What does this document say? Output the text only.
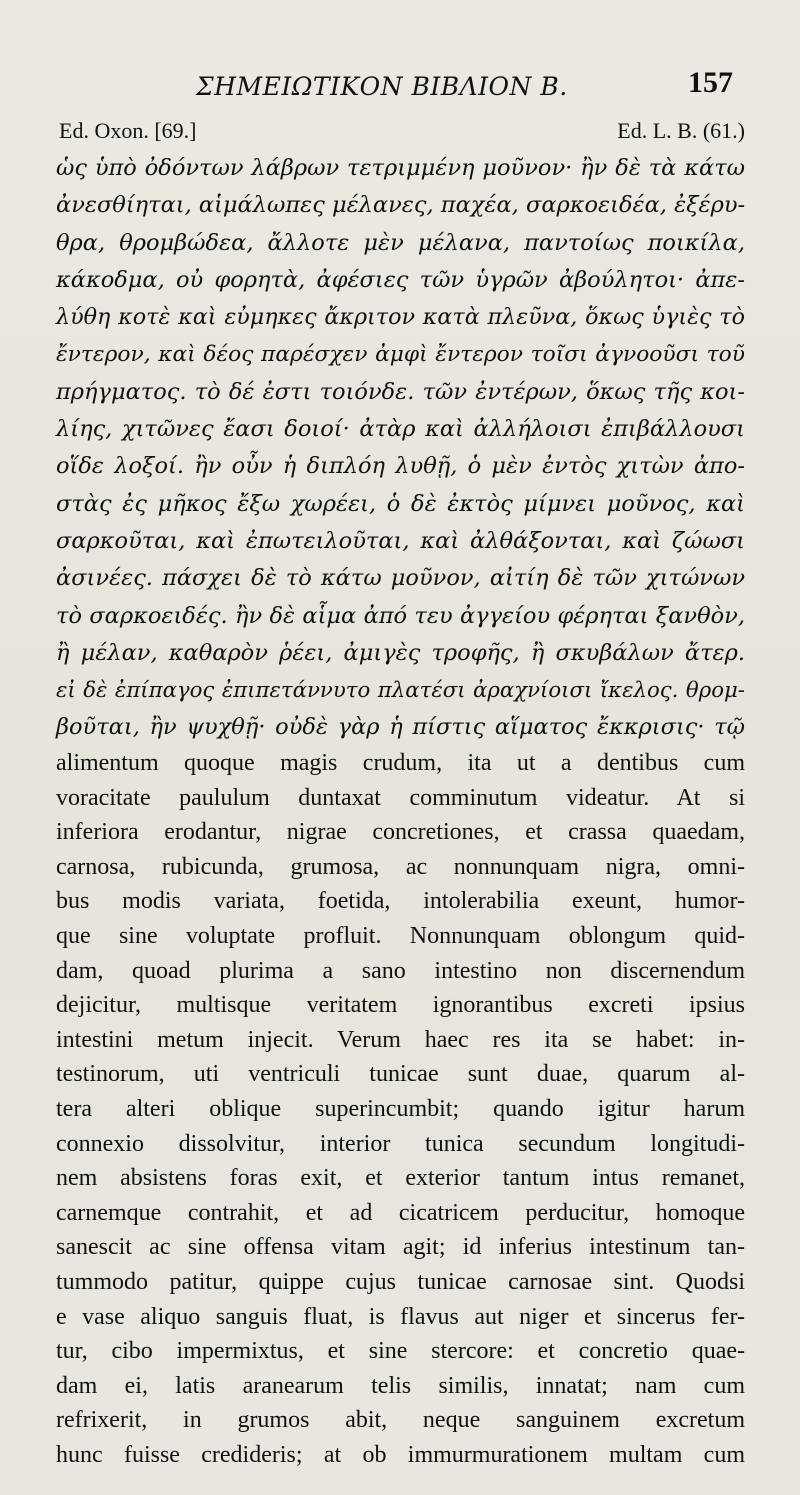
ΣΗΜΕΙΩΤΙΚΟΝ ΒΙΒΛΙΟΝ Β.	157
Ed. Oxon. [69.]	Ed. L. B. (61.)
ὡς ὑπὸ ὀδόντων λάβρων τετριμμένη μοῦνον· ἢν δὲ τὰ κάτω
ἀνεσθίηται, αἱμάλωπες μέλανες, παχέα, σαρκοειδέα, ἐξέρυ-
θρα, θρομβώδεα, ἄλλοτε μὲν μέλανα, παντοίως ποικίλα,
κάκοδμα, οὐ φορητὰ, ἀφέσιες τῶν ὑγρῶν ἀβούλητοι· ἀπε-
λύθη κοτὲ καὶ εὐμηκες ἄκριτον κατὰ πλεῦνα, ὅκως ὑγιὲς τὸ
ἔντερον, καὶ δέος παρέσχεν ἀμφὶ ἔντερον τοῖσι ἀγνοοῦσι τοῦ
πρήγματος. τὸ δέ ἐστι τοιόνδε. τῶν ἐντέρων, ὅκως τῆς κοι-
λίης, χιτῶνες ἔασι δοιοί· ἀτὰρ καὶ ἀλλήλοισι ἐπιβάλλουσι
οἵδε λοξοί. ἢν οὖν ἡ διπλόη λυθῇ, ὁ μὲν ἐντὸς χιτὼν ἀπο-
στὰς ἐς μῆκος ἔξω χωρέει, ὁ δὲ ἐκτὸς μίμνει μοῦνος, καὶ
σαρκοῦται, καὶ ἐπωτειλοῦται, καὶ ἀλθάξονται, καὶ ζώωσι
ἀσινέες. πάσχει δὲ τὸ κάτω μοῦνον, αἰτίη δὲ τῶν χιτώνων
τὸ σαρκοειδές. ἢν δὲ αἷμα ἀπό τευ ἀγγείου φέρηται ξανθὸν,
ἢ μέλαν, καθαρὸν ῥέει, ἀμιγὲς τροφῆς, ἢ σκυβάλων ἄτερ.
εἰ δὲ ἐπίπαγος ἐπιπετάννυτο πλατέσι ἀραχνίοισι ἴκελος. θρομ-
βοῦται, ἢν ψυχθῇ· οὐδὲ γὰρ ἡ πίστις αἵματος ἔκκρισις· τῷ
alimentum quoque magis crudum, ita ut a dentibus cum
voracitate paululum duntaxat comminutum videatur. At si
inferiora erodantur, nigrae concretiones, et crassa quaedam,
carnosa, rubicunda, grumosa, ac nonnunquam nigra, omni-
bus modis variata, foetida, intolerabilia exeunt, humor-
que sine voluptate profluit. Nonnunquam oblongum quid-
dam, quoad plurima a sano intestino non discernendum
dejicitur, multisque veritatem ignorantibus excreti ipsius
intestini metum injecit. Verum haec res ita se habet: in-
testinorum, uti ventriculi tunicae sunt duae, quarum al-
tera alteri oblique superincumbit; quando igitur harum
connexio dissolvitur, interior tunica secundum longitudi-
nem absistens foras exit, et exterior tantum intus remanet,
carnemque contrahit, et ad cicatricem perducitur, homoque
sanescit ac sine offensa vitam agit; id inferius intestinum tan-
tummodo patitur, quippe cujus tunicae carnosae sint. Quodsi
e vase aliquo sanguis fluat, is flavus aut niger et sincerus fer-
tur, cibo impermixtus, et sine stercore: et concretio quae-
dam ei, latis aranearum telis similis, innatat; nam cum
refrixerit, in grumos abit, neque sanguinem excretum
hunc fuisse credideris; at ob immurmurationem multam cum
